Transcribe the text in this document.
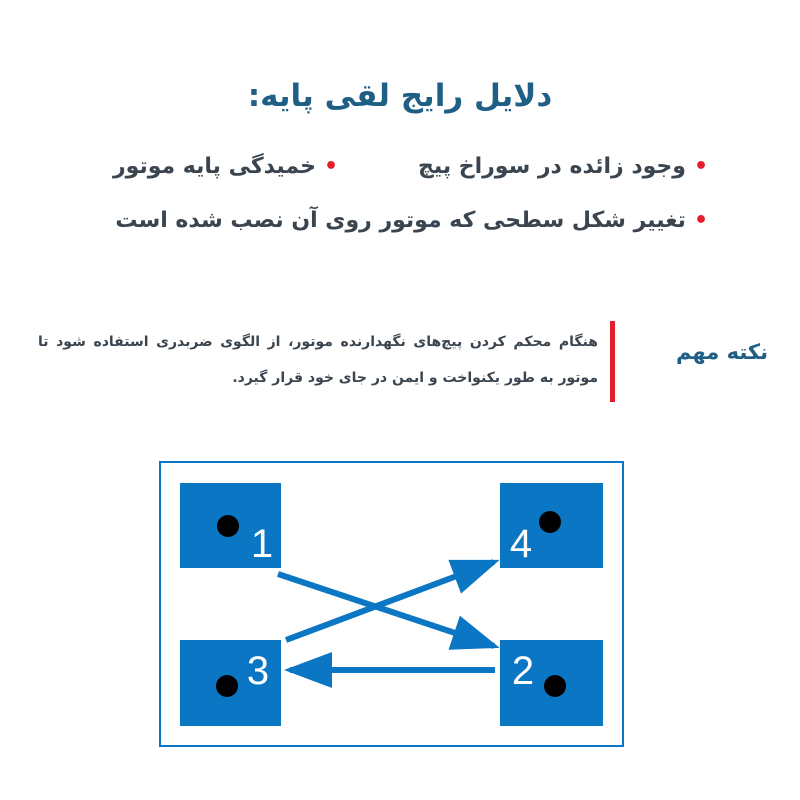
دلایل رایج لقی پایه:
•وجود زائده در سوراخ پیچ
•خمیدگی پایه موتور
•تغییر شکل سطحی که موتور روی آن نصب شده است
نکته مهم
هنگام محکم کردن پیچ‌های نگهدارنده موتور، از الگوی ضربدری استفاده شود تا موتور به طور یکنواخت و ایمن در جای خود قرار گیرد.
1	4
3	2
